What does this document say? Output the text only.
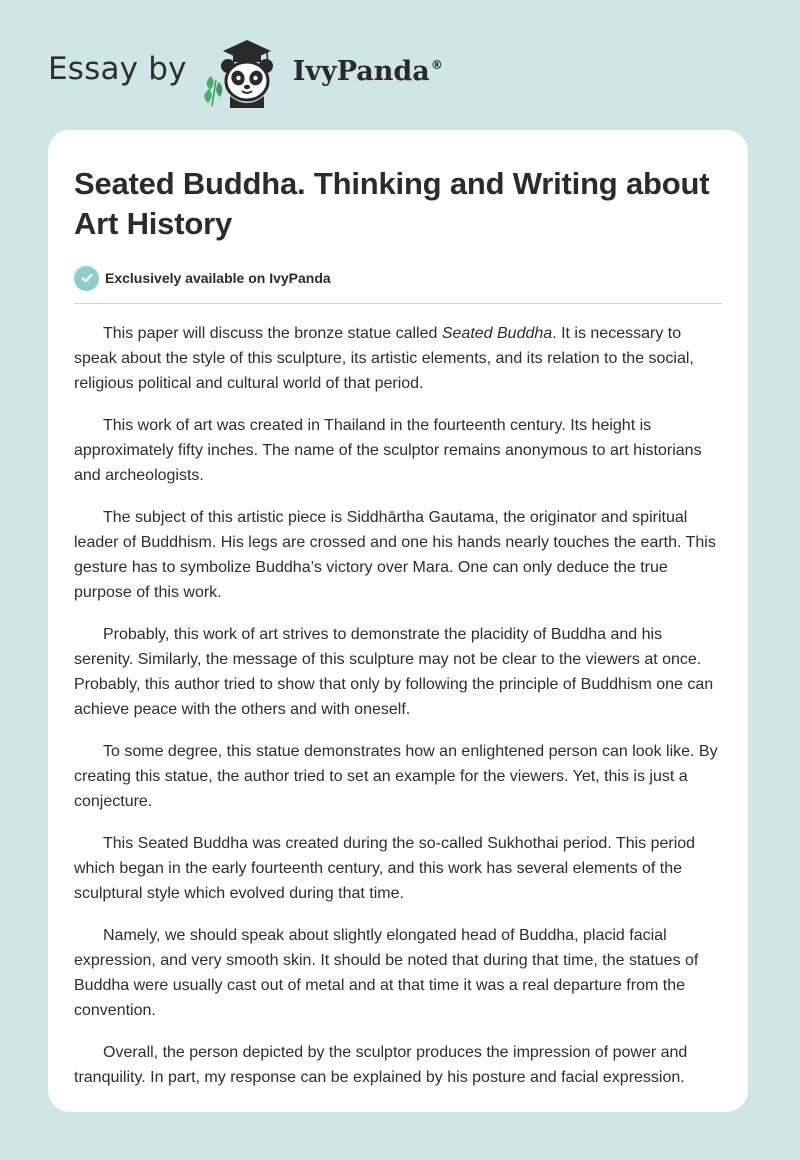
Essay by	IvyPanda®
Seated Buddha. Thinking and Writing about Art History
Exclusively available on IvyPanda

This paper will discuss the bronze statue called Seated Buddha. It is necessary to speak about the style of this sculpture, its artistic elements, and its relation to the social, religious political and cultural world of that period.

This work of art was created in Thailand in the fourteenth century. Its height is approximately fifty inches. The name of the sculptor remains anonymous to art historians and archeologists.

The subject of this artistic piece is Siddhārtha Gautama, the originator and spiritual leader of Buddhism. His legs are crossed and one his hands nearly touches the earth. This gesture has to symbolize Buddha’s victory over Mara. One can only deduce the true purpose of this work.

Probably, this work of art strives to demonstrate the placidity of Buddha and his serenity. Similarly, the message of this sculpture may not be clear to the viewers at once. Probably, this author tried to show that only by following the principle of Buddhism one can achieve peace with the others and with oneself.

To some degree, this statue demonstrates how an enlightened person can look like. By creating this statue, the author tried to set an example for the viewers. Yet, this is just a conjecture.

This Seated Buddha was created during the so-called Sukhothai period. This period which began in the early fourteenth century, and this work has several elements of the sculptural style which evolved during that time.

Namely, we should speak about slightly elongated head of Buddha, placid facial expression, and very smooth skin. It should be noted that during that time, the statues of Buddha were usually cast out of metal and at that time it was a real departure from the convention.

Overall, the person depicted by the sculptor produces the impression of power and tranquility. In part, my response can be explained by his posture and facial expression.
